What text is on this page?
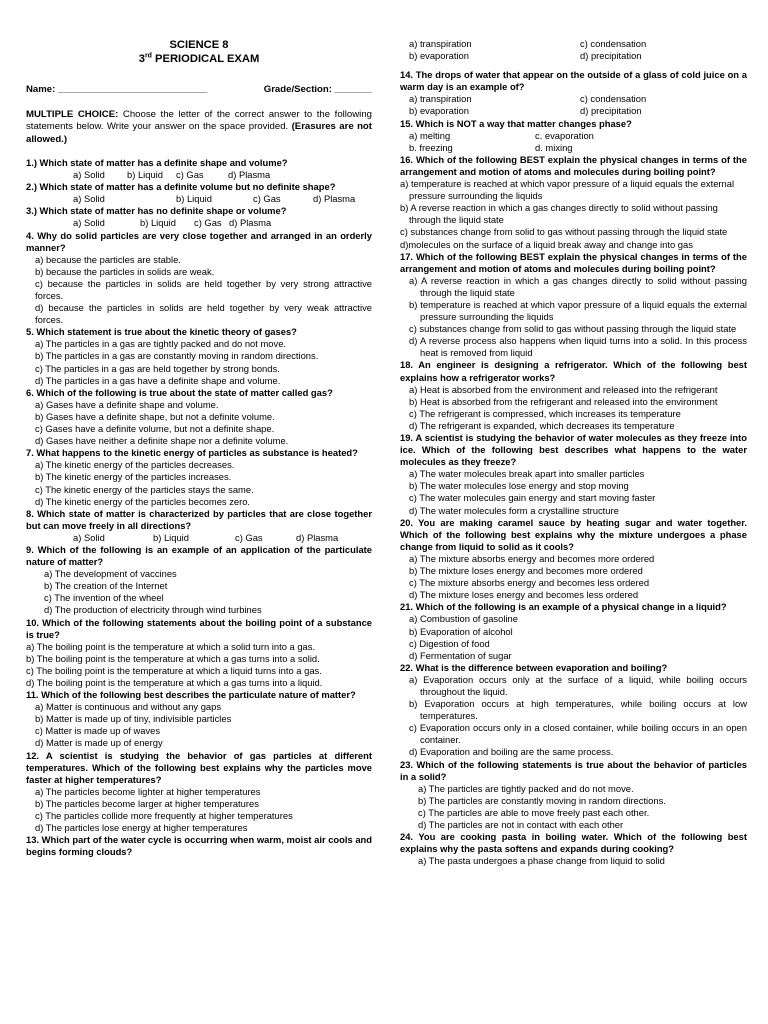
SCIENCE 8
3rd PERIODICAL EXAM
Name: ____________________________	Grade/Section: _______
MULTIPLE CHOICE: Choose the letter of the correct answer to the following statements below. Write your answer on the space provided. (Erasures are not allowed.)
1.) Which state of matter has a definite shape and volume?
a) Solid	b) Liquid	c) Gas	d) Plasma
2.) Which state of matter has a definite volume but no definite shape?
a) Solid	b) Liquid	c) Gas	d) Plasma
3.) Which state of matter has no definite shape or volume?
a) Solid	b) Liquid	c) Gas d) Plasma
4. Why do solid particles are very close together and arranged in an orderly manner?
a) because the particles are stable.
b) because the particles in solids are weak.
c) because the particles in solids are held together by very strong attractive forces.
d) because the particles in solids are held together by very weak attractive forces.
5. Which statement is true about the kinetic theory of gases?
a) The particles in a gas are tightly packed and do not move.
b) The particles in a gas are constantly moving in random directions.
c) The particles in a gas are held together by strong bonds.
d) The particles in a gas have a definite shape and volume.
6. Which of the following is true about the state of matter called gas?
a) Gases have a definite shape and volume.
b) Gases have a definite shape, but not a definite volume.
c) Gases have a definite volume, but not a definite shape.
d) Gases have neither a definite shape nor a definite volume.
7. What happens to the kinetic energy of particles as substance is heated?
a) The kinetic energy of the particles decreases.
b) The kinetic energy of the particles increases.
c) The kinetic energy of the particles stays the same.
d) The kinetic energy of the particles becomes zero.
8. Which state of matter is characterized by particles that are close together but can move freely in all directions?
a) Solid	b) Liquid	c) Gas	d) Plasma
9. Which of the following is an example of an application of the particulate nature of matter?
a) The development of vaccines
b) The creation of the Internet
c) The invention of the wheel
d) The production of electricity through wind turbines
10. Which of the following statements about the boiling point of a substance is true?
a) The boiling point is the temperature at which a solid turn into a gas.
b) The boiling point is the temperature at which a gas turns into a solid.
c) The boiling point is the temperature at which a liquid turns into a gas.
d) The boiling point is the temperature at which a gas turns into a liquid.
11. Which of the following best describes the particulate nature of matter?
a) Matter is continuous and without any gaps
b) Matter is made up of tiny, indivisible particles
c) Matter is made up of waves
d) Matter is made up of energy
12. A scientist is studying the behavior of gas particles at different temperatures. Which of the following best explains why the particles move faster at higher temperatures?
a) The particles become lighter at higher temperatures
b) The particles become larger at higher temperatures
c) The particles collide more frequently at higher temperatures
d) The particles lose energy at higher temperatures
13. Which part of the water cycle is occurring when warm, moist air cools and begins forming clouds?
a) transpiration	c) condensation
b) evaporation	d) precipitation
14. The drops of water that appear on the outside of a glass of cold juice on a warm day is an example of?
a) transpiration	c) condensation
b) evaporation	d) precipitation
15. Which is NOT a way that matter changes phase?
a) melting	c. evaporation
b. freezing	d. mixing
16. Which of the following BEST explain the physical changes in terms of the arrangement and motion of atoms and molecules during boiling point?
a) temperature is reached at which vapor pressure of a liquid equals the external pressure surrounding the liquids
b) A reverse reaction in which a gas changes directly to solid without passing through the liquid state
c) substances change from solid to gas without passing through the liquid state
d)molecules on the surface of a liquid break away and change into gas
17. Which of the following BEST explain the physical changes in terms of the arrangement and motion of atoms and molecules during boiling point?
a) A reverse reaction in which a gas changes directly to solid without passing through the liquid state
b) temperature is reached at which vapor pressure of a liquid equals the external pressure surrounding the liquids
c) substances change from solid to gas without passing through the liquid state
d) A reverse process also happens when liquid turns into a solid. In this process heat is removed from liquid
18. An engineer is designing a refrigerator. Which of the following best explains how a refrigerator works?
a) Heat is absorbed from the environment and released into the refrigerant
b) Heat is absorbed from the refrigerant and released into the environment
c) The refrigerant is compressed, which increases its temperature
d) The refrigerant is expanded, which decreases its temperature
19. A scientist is studying the behavior of water molecules as they freeze into ice. Which of the following best describes what happens to the water molecules as they freeze?
a) The water molecules break apart into smaller particles
b) The water molecules lose energy and stop moving
c) The water molecules gain energy and start moving faster
d) The water molecules form a crystalline structure
20. You are making caramel sauce by heating sugar and water together. Which of the following best explains why the mixture undergoes a phase change from liquid to solid as it cools?
a) The mixture absorbs energy and becomes more ordered
b) The mixture loses energy and becomes more ordered
c) The mixture absorbs energy and becomes less ordered
d) The mixture loses energy and becomes less ordered
21. Which of the following is an example of a physical change in a liquid?
a) Combustion of gasoline
b) Evaporation of alcohol
c) Digestion of food
d) Fermentation of sugar
22. What is the difference between evaporation and boiling?
a) Evaporation occurs only at the surface of a liquid, while boiling occurs throughout the liquid.
b) Evaporation occurs at high temperatures, while boiling occurs at low temperatures.
c) Evaporation occurs only in a closed container, while boiling occurs in an open container.
d) Evaporation and boiling are the same process.
23. Which of the following statements is true about the behavior of particles in a solid?
a) The particles are tightly packed and do not move.
b) The particles are constantly moving in random directions.
c) The particles are able to move freely past each other.
d) The particles are not in contact with each other
24. You are cooking pasta in boiling water. Which of the following best explains why the pasta softens and expands during cooking?
a) The pasta undergoes a phase change from liquid to solid
